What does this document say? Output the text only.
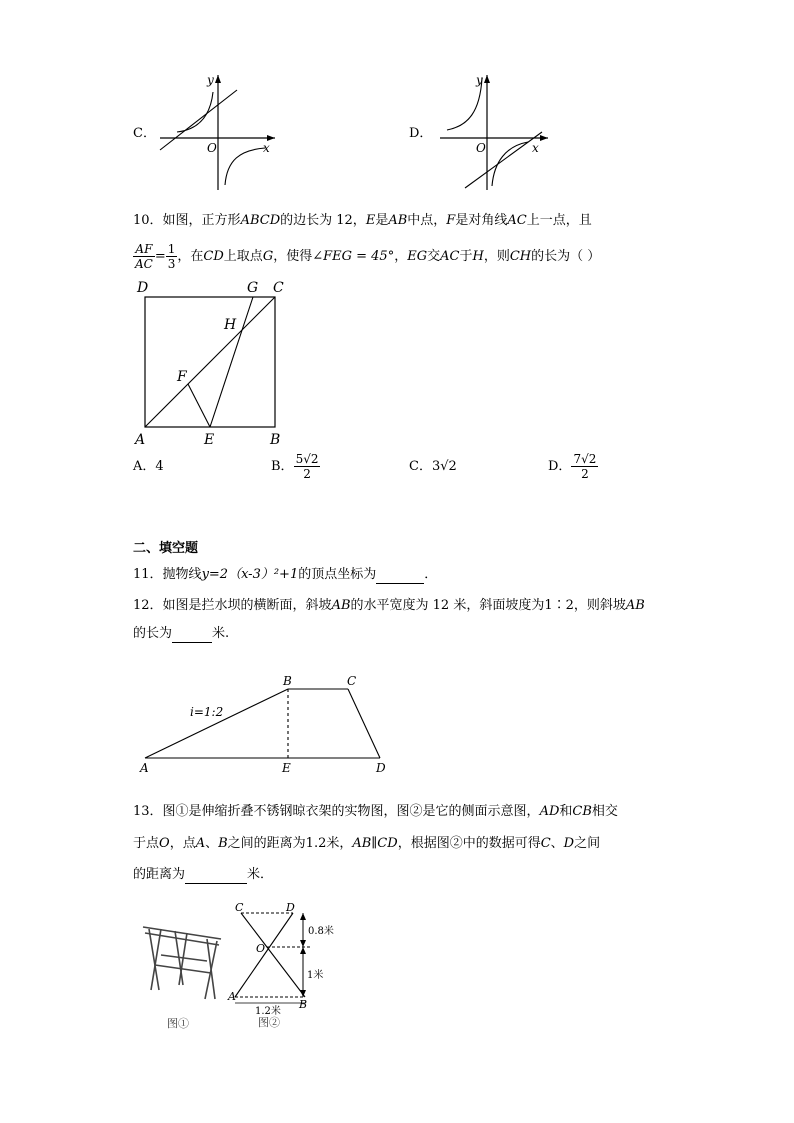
C．
y
x
O
D．
y
x
O
10．如图，正方形ABCD的边长为 12，E是AB中点，F是对角线AC上一点，且
$\frac{AF}{AC} = \frac{1}{3}$ ，在CD上取点G，使得∠FEG = 45°，EG交AC于H，则CH的长为（ ）
D	G C
H
F
A	E	B
A．4	B． $\frac{5√2}{2}$	C．3√2	D． $\frac{7√2}{2}$
二、填空题
11．抛物线y=2（x-3）²+1的顶点坐标为	．
12．如图是拦水坝的横断面，斜坡AB的水平宽度为 12 米，斜面坡度为1∶2，则斜坡AB
的长为	米.
B	C
A	E	D
i=1:2
13．图①是伸缩折叠不锈钢晾衣架的实物图，图②是它的侧面示意图，AD和CB相交
于点O，点A、B之间的距离为1.2米，AB∥CD，根据图②中的数据可得C、D之间
的距离为	米．
图①
C	D
O
A
B
0.8米
1米
1.2米
图②
